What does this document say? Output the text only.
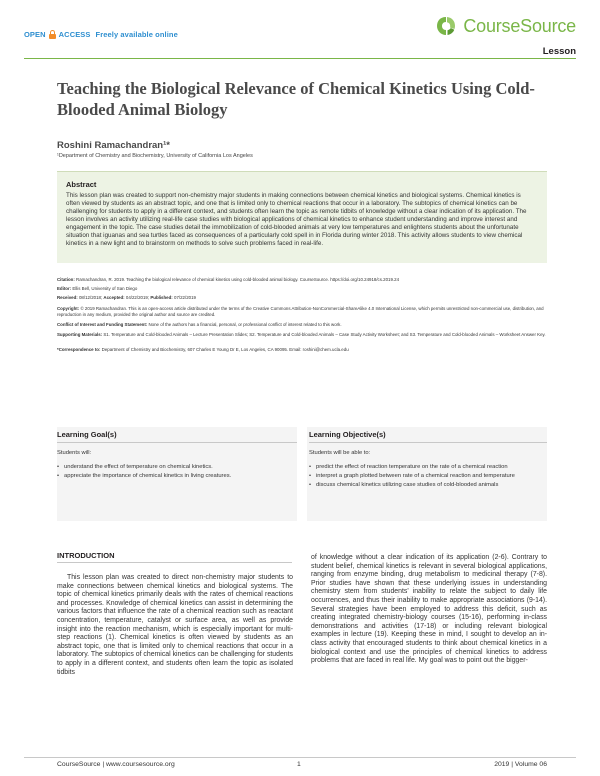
OPEN ACCESS Freely available online	CourseSource
Lesson
Teaching the Biological Relevance of Chemical Kinetics Using Cold-Blooded Animal Biology
Roshini Ramachandran¹*
¹Department of Chemistry and Biochemistry, University of California Los Angeles
Abstract

This lesson plan was created to support non-chemistry major students in making connections between chemical kinetics and biological systems. Chemical kinetics is often viewed by students as an abstract topic, and one that is limited only to chemical reactions that occur in a laboratory. The subtopics of chemical kinetics can be challenging for students to apply in a different context, and students often learn the topic as remote tidbits of knowledge without a clear indication of its application. The lesson involves an activity utilizing real-life case studies with biological applications of chemical kinetics to enhance student understanding and improve interest and engagement in the topic. The case studies detail the immobilization of cold-blooded animals at very low temperatures and enlightens students about the unfortunate situation that iguanas and sea turtles faced as consequences of a particularly cold spell in in Florida during winter 2018. This activity allows students to view chemical kinetics in a new light and to brainstorm on methods to solve such problems faced in real-life.

Citation: Ramachandran, R. 2019. Teaching the biological relevance of chemical kinetics using cold-blooded animal biology. CourseSource. https://doi.org/10.24918/cs.2019.24

Editor: Ellis Bell, University of San Diego

Received: 08/12/2018; Accepted: 04/22/2019; Published: 07/22/2019

Copyright: © 2019 Ramachandran. This is an open-access article distributed under the terms of the Creative Commons Attribution-NonCommercial-ShareAlike 4.0 International License, which permits unrestricted non-commercial use, distribution, and reproduction in any medium, provided the original author and source are credited.

Conflict of Interest and Funding Statement: None of the authors has a financial, personal, or professional conflict of interest related to this work.

Supporting Materials: S1. Temperature and Cold-blooded Animals – Lecture Presentation Slides; S2. Temperature and Cold-blooded Animals – Case Study Activity Worksheet; and S3. Temperature and Cold-blooded Animals – Worksheet Answer Key.

*Correspondence to: Department of Chemistry and Biochemistry, 607 Charles E Young Dr E, Los Angeles, CA 90095. Email: roshini@chem.ucla.edu

Learning Goal(s)
Students will:
• understand the effect of temperature on chemical kinetics.
• appreciate the importance of chemical kinetics in living creatures.
Learning Objective(s)
Students will be able to:
• predict the effect of reaction temperature on the rate of a chemical reaction
• interpret a graph plotted between rate of a chemical reaction and temperature
• discuss chemical kinetics utilizing case studies of cold-blooded animals
INTRODUCTION

This lesson plan was created to direct non-chemistry major students to make connections between chemical kinetics and biological systems. The topic of chemical kinetics primarily deals with the rates of chemical reactions and processes. Knowledge of chemical kinetics can assist in determining the various factors that influence the rate of a chemical reaction such as reactant concentration, temperature, catalyst or surface area, as well as provide insight into the reaction mechanism, which is especially important for multi-step reactions (1). Chemical kinetics is often viewed by students as an abstract topic, one that is limited only to chemical reactions that occur in a laboratory. The subtopics of chemical kinetics can be challenging for students to apply in a different context, and students often learn the topic as isolated tidbits

of knowledge without a clear indication of its application (2-6). Contrary to student belief, chemical kinetics is relevant in several biological applications, ranging from enzyme binding, drug metabolism to medicinal therapy (7-8). Prior studies have shown that these underlying issues in understanding chemistry stem from students' inability to relate the subject to daily life occurrences, and thus their inability to make appropriate associations (9-14). Several strategies have been employed to address this deficit, such as creating integrated chemistry-biology courses (15-16), performing in-class demonstrations and activities (17-18) or including relevant biological examples in lecture (19). Keeping these in mind, I sought to develop an in-class activity that encouraged students to think about chemical kinetics in a biological context and use the principles of chemical kinetics to address problems that are faced in real life. My goal was to point out the bigger-

CourseSource | www.coursesource.org	1	2019 | Volume 06
